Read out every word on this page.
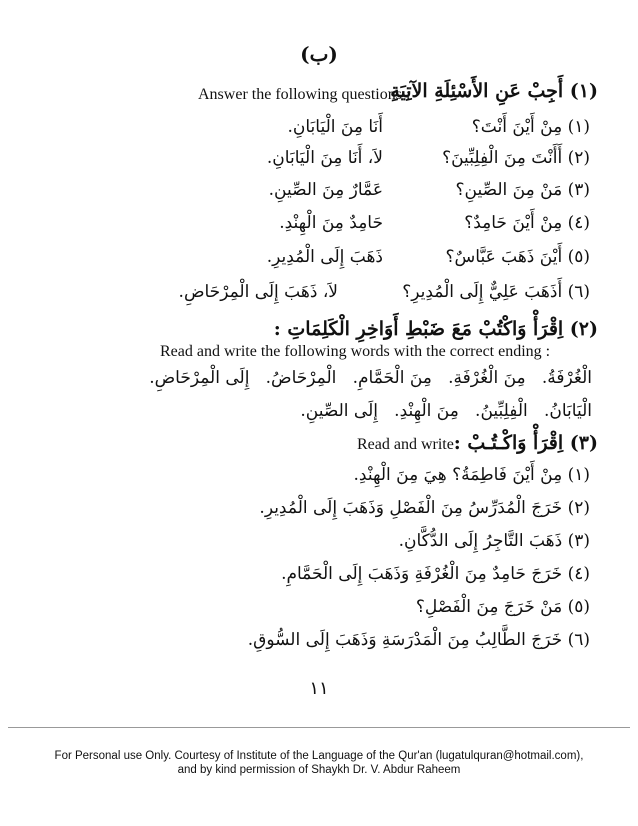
(ب)
(١) أَجِبْ عَنِ الأَسْئِلَةِ الآتِيَةِ
Answer the following questions :
(١) مِنْ أَيْنَ أَنْتَ؟
أَنَا مِنَ الْيَابَانِ.
(٢) أَأَنْتَ مِنَ الْفِلِبِّينَ؟
لاَ، أَنَا مِنَ الْيَابَانِ.
(٣) مَنْ مِنَ الصِّينِ؟
عَمَّارٌ مِنَ الصِّينِ.
(٤) مِنْ أَيْنَ حَامِدٌ؟
حَامِدٌ مِنَ الْهِنْدِ.
(٥) أَيْنَ ذَهَبَ عَبَّاسٌ؟
ذَهَبَ إِلَى الْمُدِيرِ.
(٦) أَذَهَبَ عَلِيٌّ إِلَى الْمُدِيرِ؟
لاَ، ذَهَبَ إِلَى الْمِرْحَاضِ.
(٢) اِقْرَأْ وَاكْتُبْ مَعَ ضَبْطِ أَوَاخِرِ الْكَلِمَاتِ :
Read and write the following words with the correct ending :
الْغُرْفَةُ.   مِنَ الْغُرْفَةِ.   مِنَ الْحَمَّامِ.   الْمِرْحَاضُ.   إِلَى الْمِرْحَاضِ.
الْيَابَانُ.   الْفِلِبِّينُ.   مِنَ الْهِنْدِ.   إِلَى الصِّينِ.
(٣) اِقْرَأْ وَاكْـتُـبْ :
Read and write
(١) مِنْ أَيْنَ فَاطِمَةُ؟ هِيَ مِنَ الْهِنْدِ.
(٢) خَرَجَ الْمُدَرِّسُ مِنَ الْفَصْلِ وَذَهَبَ إِلَى الْمُدِيرِ.
(٣) ذَهَبَ التَّاجِرُ إِلَى الدُّكَّانِ.
(٤) خَرَجَ حَامِدٌ مِنَ الْغُرْفَةِ وَذَهَبَ إِلَى الْحَمَّامِ.
(٥) مَنْ خَرَجَ مِنَ الْفَصْلِ؟
(٦) خَرَجَ الطَّالِبُ مِنَ الْمَدْرَسَةِ وَذَهَبَ إِلَى السُّوقِ.
١١
For Personal use Only. Courtesy of Institute of the Language of the Qur'an (lugatulquran@hotmail.com),
and by kind permission of Shaykh Dr. V. Abdur Raheem
